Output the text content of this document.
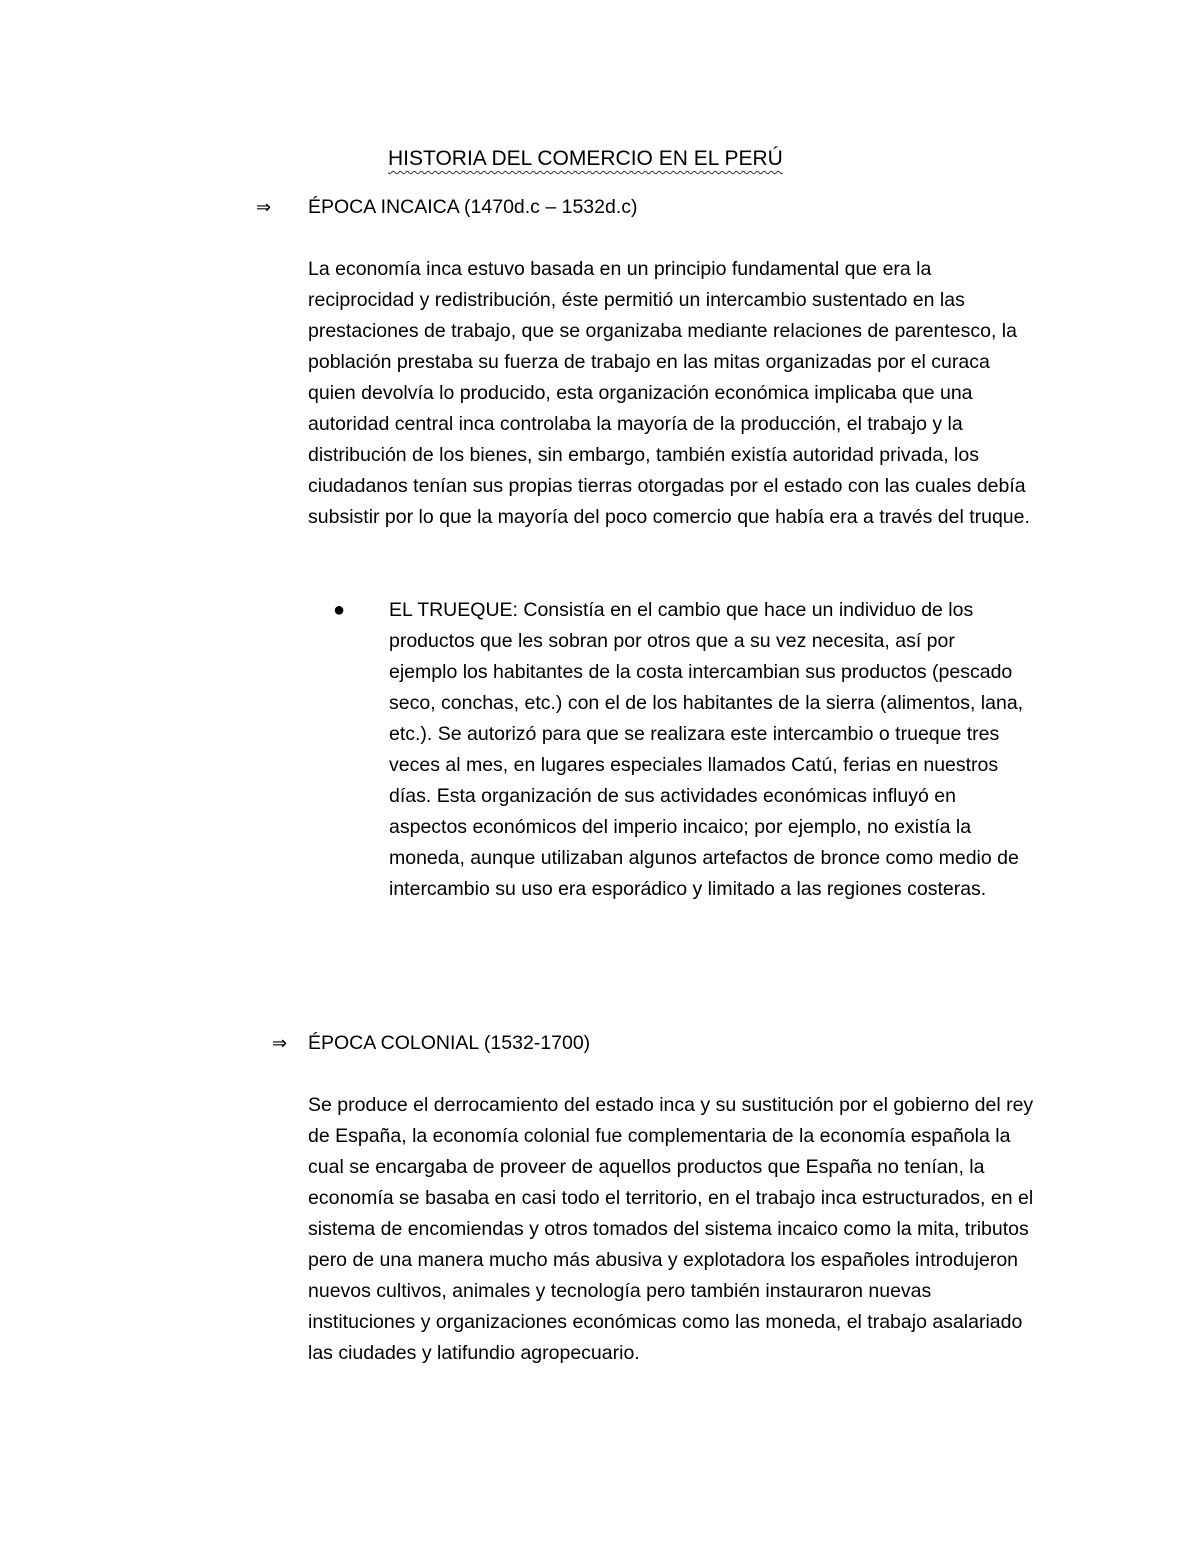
HISTORIA DEL COMERCIO EN EL PERÚ
⇒ ÉPOCA INCAICA (1470d.c – 1532d.c)
La economía inca estuvo basada en un principio fundamental que era la reciprocidad y redistribución, éste permitió un intercambio sustentado en las prestaciones de trabajo, que se organizaba mediante relaciones de parentesco, la población prestaba su fuerza de trabajo en las mitas organizadas por el curaca quien devolvía lo producido, esta organización económica implicaba que una autoridad central inca controlaba la mayoría de la producción, el trabajo y la distribución de los bienes, sin embargo, también existía autoridad privada, los ciudadanos tenían sus propias tierras otorgadas por el estado con las cuales debía subsistir por lo que la mayoría del poco comercio que había era a través del truque.
● EL TRUEQUE: Consistía en el cambio que hace un individuo de los productos que les sobran por otros que a su vez necesita, así por ejemplo los habitantes de la costa intercambian sus productos (pescado seco, conchas, etc.) con el de los habitantes de la sierra (alimentos, lana, etc.). Se autorizó para que se realizara este intercambio o trueque tres veces al mes, en lugares especiales llamados Catú, ferias en nuestros días. Esta organización de sus actividades económicas influyó en aspectos económicos del imperio incaico; por ejemplo, no existía la moneda, aunque utilizaban algunos artefactos de bronce como medio de intercambio su uso era esporádico y limitado a las regiones costeras.
⇒ ÉPOCA COLONIAL (1532-1700)
Se produce el derrocamiento del estado inca y su sustitución por el gobierno del rey de España, la economía colonial fue complementaria de la economía española la cual se encargaba de proveer de aquellos productos que España no tenían, la economía se basaba en casi todo el territorio, en el trabajo inca estructurados, en el sistema de encomiendas y otros tomados del sistema incaico como la mita, tributos pero de una manera mucho más abusiva y explotadora los españoles introdujeron nuevos cultivos, animales y tecnología pero también instauraron nuevas instituciones y organizaciones económicas como las moneda, el trabajo asalariado las ciudades y latifundio agropecuario.
